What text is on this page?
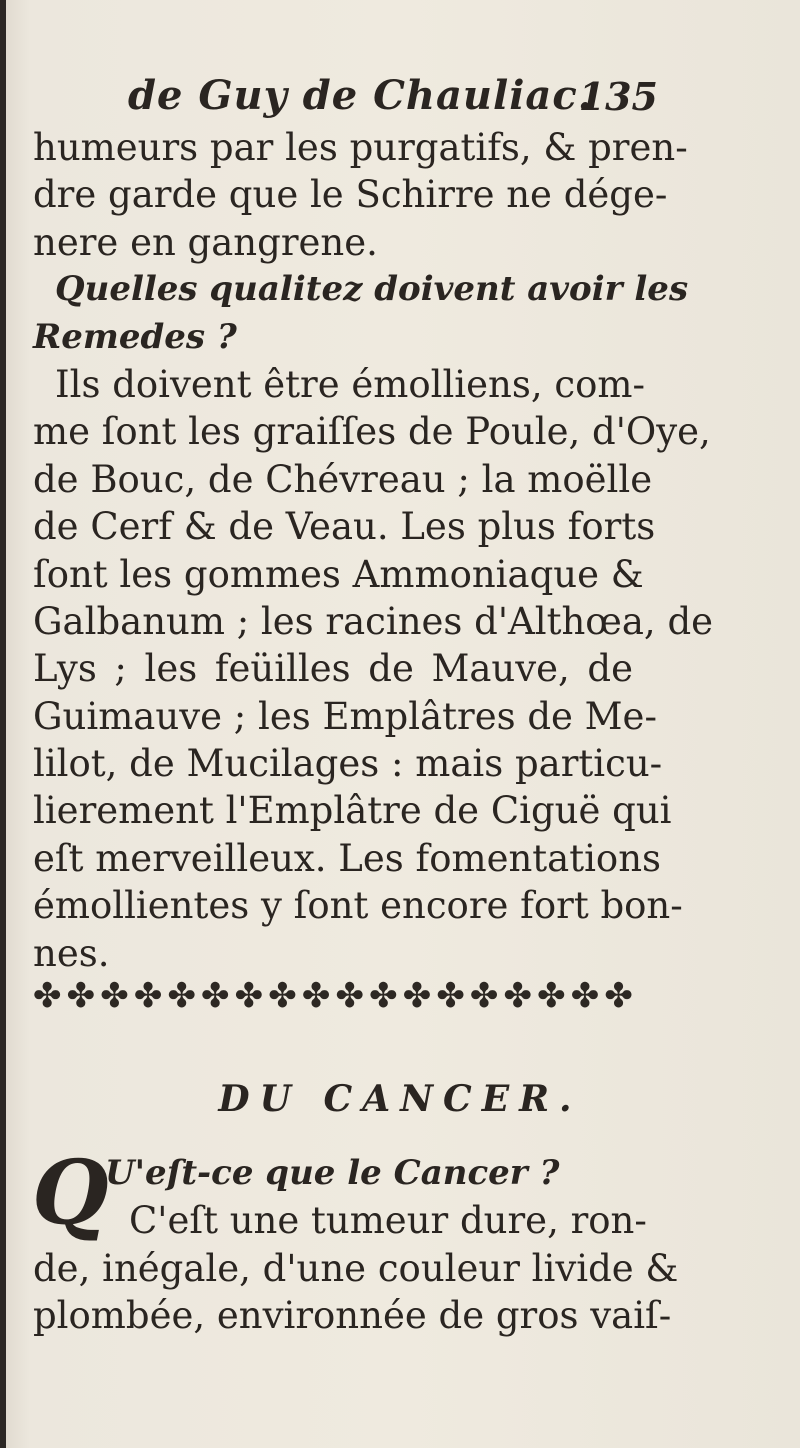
de Guy de Chauliac.
135
humeurs par les purgatifs, & pren-
dre garde que le Schirre ne dége-
nere en gangrene.
Quelles qualitez doivent avoir les
Remedes ?
Ils doivent être émolliens, com-
me ſont les graiſſes de Poule, d'Oye,
de Bouc, de Chévreau ; la moëlle
de Cerf & de Veau. Les plus forts
ſont les gommes Ammoniaque &
Galbanum ; les racines d'Althœa, de
Lys ; les feüilles de Mauve, de
Guimauve ; les Emplâtres de Me-
lilot, de Mucilages : mais particu-
lierement l'Emplâtre de Ciguë qui
eſt merveilleux. Les fomentations
émollientes y ſont encore fort bon-
nes.
✤ ✤ ✤ ✤ ✤ ✤ ✤ ✤ ✤ ✤ ✤ ✤ ✤ ✤ ✤ ✤ ✤ ✤
DU CANCER.
Q
U'eſt-ce que le Cancer ?
C'eſt une tumeur dure, ron-
de, inégale, d'une couleur livide &
plombée, environnée de gros vaiſ-
